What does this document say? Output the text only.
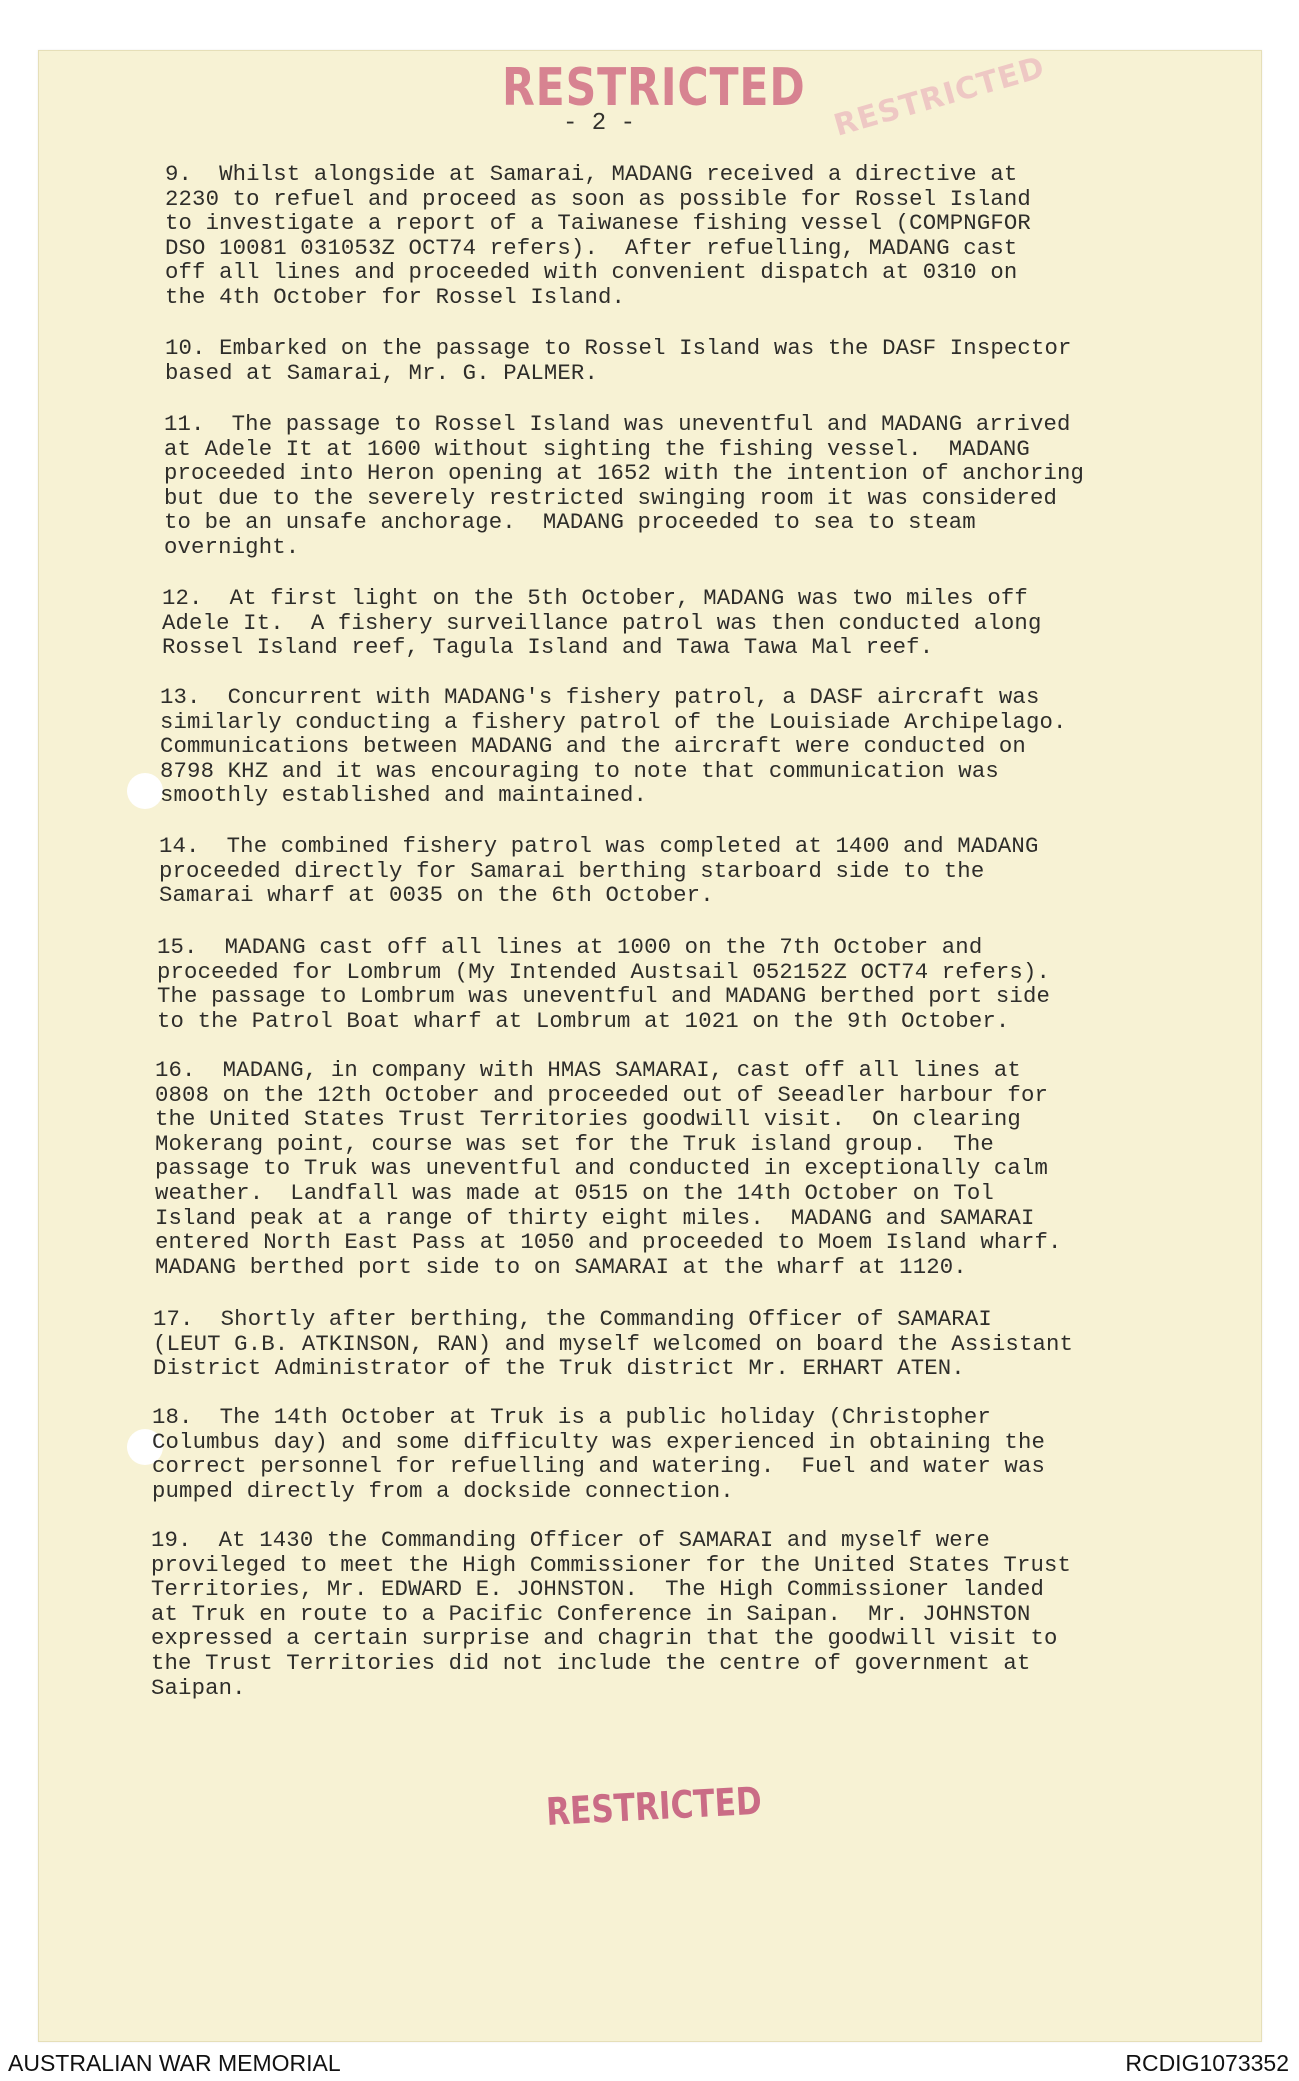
RESTRICTED RESTRICTED
- 2 -
9.  Whilst alongside at Samarai, MADANG received a directive at
2230 to refuel and proceed as soon as possible for Rossel Island
to investigate a report of a Taiwanese fishing vessel (COMPNGFOR
DSO 10081 031053Z OCT74 refers).  After refuelling, MADANG cast
off all lines and proceeded with convenient dispatch at 0310 on
the 4th October for Rossel Island.
10. Embarked on the passage to Rossel Island was the DASF Inspector
based at Samarai, Mr. G. PALMER.
11.  The passage to Rossel Island was uneventful and MADANG arrived
at Adele It at 1600 without sighting the fishing vessel.  MADANG
proceeded into Heron opening at 1652 with the intention of anchoring
but due to the severely restricted swinging room it was considered
to be an unsafe anchorage.  MADANG proceeded to sea to steam
overnight.
12.  At first light on the 5th October, MADANG was two miles off
Adele It.  A fishery surveillance patrol was then conducted along
Rossel Island reef, Tagula Island and Tawa Tawa Mal reef.
13.  Concurrent with MADANG's fishery patrol, a DASF aircraft was
similarly conducting a fishery patrol of the Louisiade Archipelago.
Communications between MADANG and the aircraft were conducted on
8798 KHZ and it was encouraging to note that communication was
smoothly established and maintained.
14.  The combined fishery patrol was completed at 1400 and MADANG
proceeded directly for Samarai berthing starboard side to the
Samarai wharf at 0035 on the 6th October.
15.  MADANG cast off all lines at 1000 on the 7th October and
proceeded for Lombrum (My Intended Austsail 052152Z OCT74 refers).
The passage to Lombrum was uneventful and MADANG berthed port side
to the Patrol Boat wharf at Lombrum at 1021 on the 9th October.
16.  MADANG, in company with HMAS SAMARAI, cast off all lines at
0808 on the 12th October and proceeded out of Seeadler harbour for
the United States Trust Territories goodwill visit.  On clearing
Mokerang point, course was set for the Truk island group.  The
passage to Truk was uneventful and conducted in exceptionally calm
weather.  Landfall was made at 0515 on the 14th October on Tol
Island peak at a range of thirty eight miles.  MADANG and SAMARAI
entered North East Pass at 1050 and proceeded to Moem Island wharf.
MADANG berthed port side to on SAMARAI at the wharf at 1120.
17.  Shortly after berthing, the Commanding Officer of SAMARAI
(LEUT G.B. ATKINSON, RAN) and myself welcomed on board the Assistant
District Administrator of the Truk district Mr. ERHART ATEN.
18.  The 14th October at Truk is a public holiday (Christopher
Columbus day) and some difficulty was experienced in obtaining the
correct personnel for refuelling and watering.  Fuel and water was
pumped directly from a dockside connection.
19.  At 1430 the Commanding Officer of SAMARAI and myself were
provileged to meet the High Commissioner for the United States Trust
Territories, Mr. EDWARD E. JOHNSTON.  The High Commissioner landed
at Truk en route to a Pacific Conference in Saipan.  Mr. JOHNSTON
expressed a certain surprise and chagrin that the goodwill visit to
the Trust Territories did not include the centre of government at
Saipan.
RESTRICTED
AUSTRALIAN WAR MEMORIAL	RCDIG1073352
